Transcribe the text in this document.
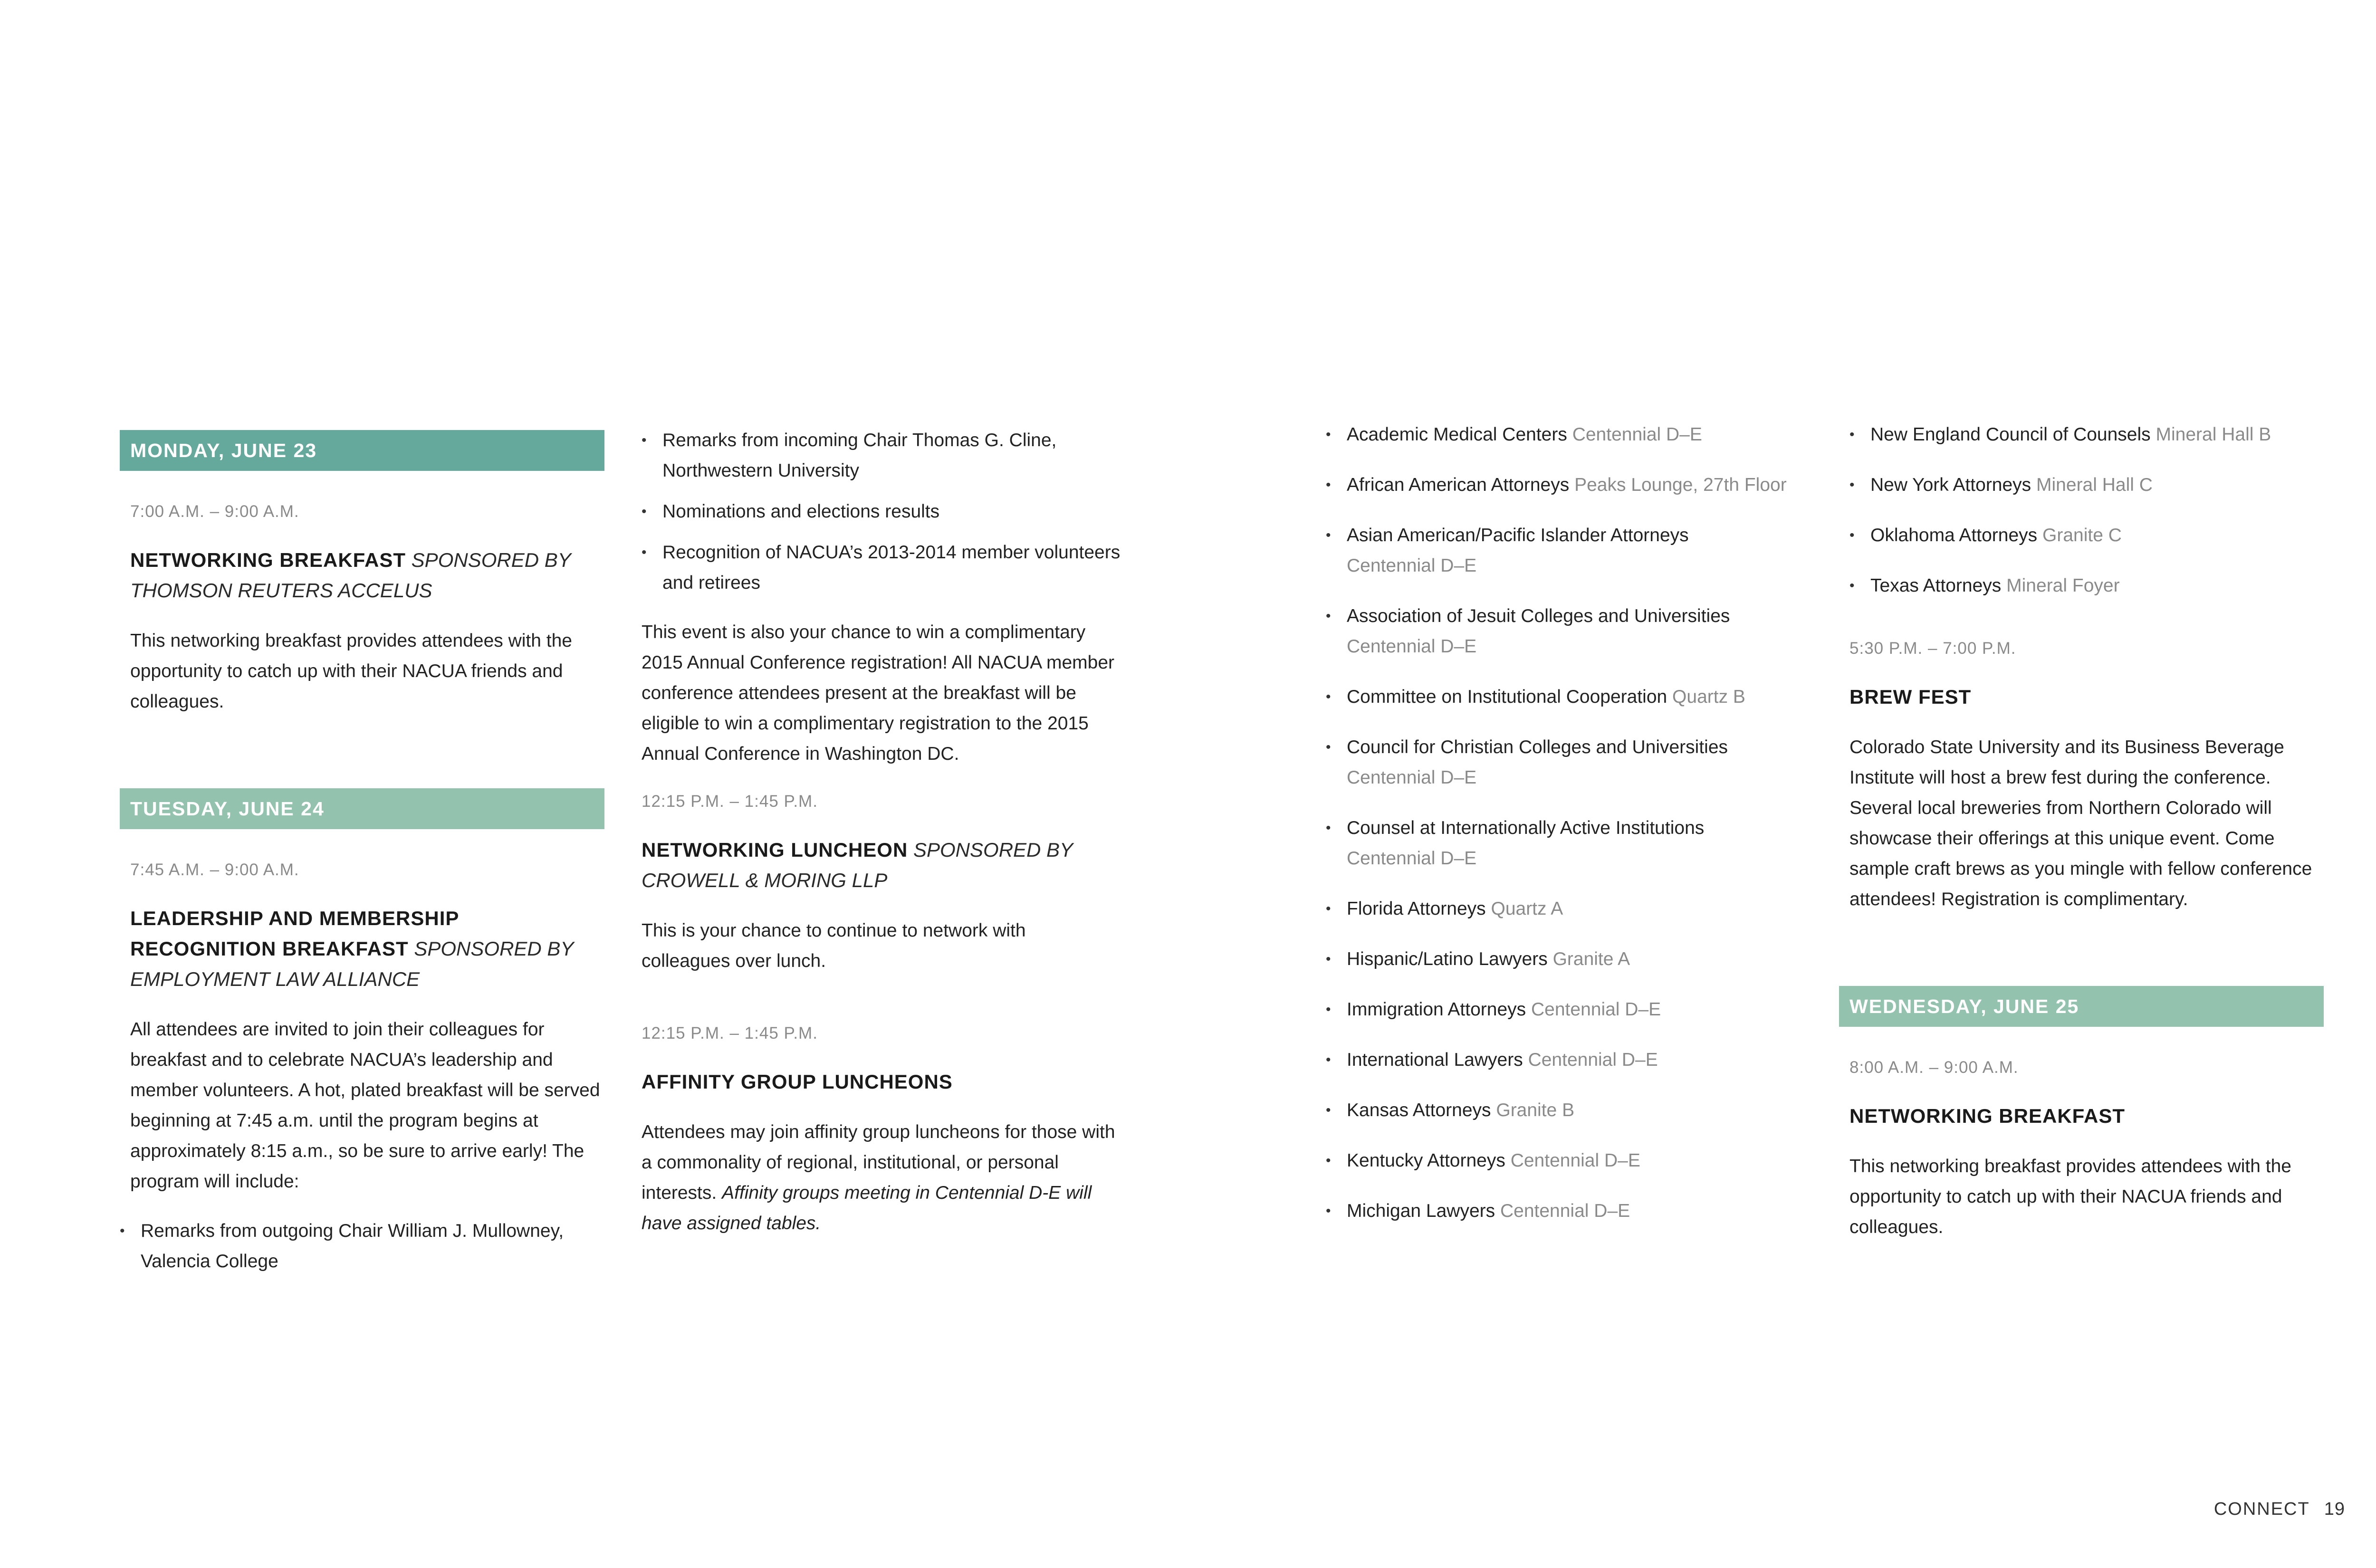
MONDAY, JUNE 23
7:00 A.M. – 9:00 A.M.
NETWORKING BREAKFAST SPONSORED BY THOMSON REUTERS ACCELUS
This networking breakfast provides attendees with the opportunity to catch up with their NACUA friends and colleagues.
TUESDAY, JUNE 24
7:45 A.M. – 9:00 A.M.
LEADERSHIP AND MEMBERSHIP RECOGNITION BREAKFAST SPONSORED BY EMPLOYMENT LAW ALLIANCE
All attendees are invited to join their colleagues for breakfast and to celebrate NACUA’s leadership and member volunteers. A hot, plated breakfast will be served beginning at 7:45 a.m. until the program begins at approximately 8:15 a.m., so be sure to arrive early! The program will include:
• Remarks from outgoing Chair William J. Mullowney, Valencia College
• Remarks from incoming Chair Thomas G. Cline, Northwestern University
• Nominations and elections results
• Recognition of NACUA’s 2013-2014 member volunteers and retirees
This event is also your chance to win a complimentary 2015 Annual Conference registration! All NACUA member conference attendees present at the breakfast will be eligible to win a complimentary registration to the 2015 Annual Conference in Washington DC.
12:15 P.M. – 1:45 P.M.
NETWORKING LUNCHEON SPONSORED BY CROWELL & MORING LLP
This is your chance to continue to network with colleagues over lunch.
12:15 P.M. – 1:45 P.M.
AFFINITY GROUP LUNCHEONS
Attendees may join affinity group luncheons for those with a commonality of regional, institutional, or personal interests. Affinity groups meeting in Centennial D-E will have assigned tables.
• Academic Medical Centers Centennial D–E
• African American Attorneys Peaks Lounge, 27th Floor
• Asian American/Pacific Islander Attorneys
Centennial D–E
• Association of Jesuit Colleges and Universities
Centennial D–E
• Committee on Institutional Cooperation Quartz B
• Council for Christian Colleges and Universities
Centennial D–E
• Counsel at Internationally Active Institutions
Centennial D–E
• Florida Attorneys Quartz A
• Hispanic/Latino Lawyers Granite A
• Immigration Attorneys Centennial D–E
• International Lawyers Centennial D–E
• Kansas Attorneys Granite B
• Kentucky Attorneys Centennial D–E
• Michigan Lawyers Centennial D–E
• New England Council of Counsels Mineral Hall B
• New York Attorneys Mineral Hall C
• Oklahoma Attorneys Granite C
• Texas Attorneys Mineral Foyer
5:30 P.M. – 7:00 P.M.
BREW FEST
Colorado State University and its Business Beverage Institute will host a brew fest during the conference. Several local breweries from Northern Colorado will showcase their offerings at this unique event. Come sample craft brews as you mingle with fellow conference attendees! Registration is complimentary.
WEDNESDAY, JUNE 25
8:00 A.M. – 9:00 A.M.
NETWORKING BREAKFAST
This networking breakfast provides attendees with the opportunity to catch up with their NACUA friends and colleagues.
CONNECT 19
